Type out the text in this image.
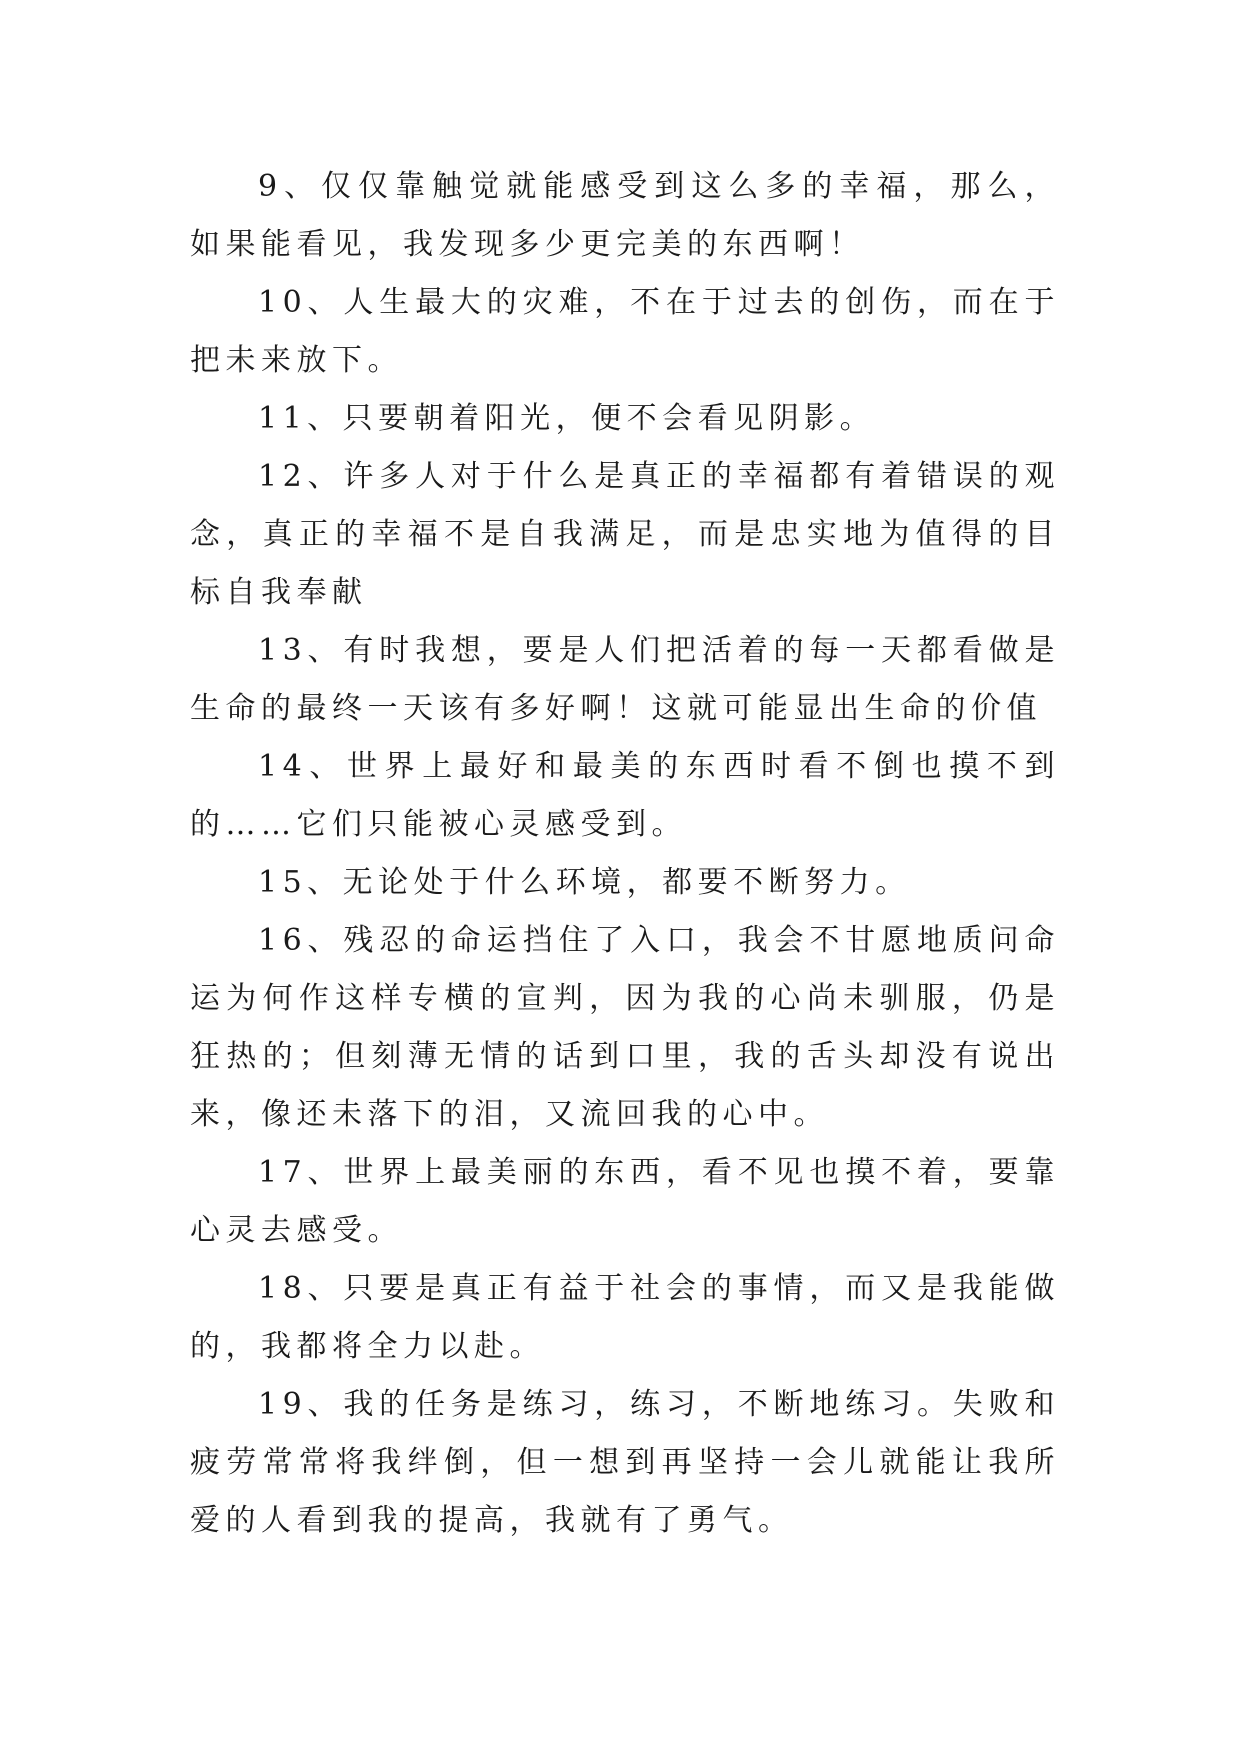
9、仅仅靠触觉就能感受到这么多的幸福，那么，如果能看见，我发现多少更完美的东西啊！

10、人生最大的灾难，不在于过去的创伤，而在于把未来放下。

11、只要朝着阳光，便不会看见阴影。

12、许多人对于什么是真正的幸福都有着错误的观念，真正的幸福不是自我满足，而是忠实地为值得的目标自我奉献

13、有时我想，要是人们把活着的每一天都看做是生命的最终一天该有多好啊！这就可能显出生命的价值

14、世界上最好和最美的东西时看不倒也摸不到的……它们只能被心灵感受到。

15、无论处于什么环境，都要不断努力。

16、残忍的命运挡住了入口，我会不甘愿地质问命运为何作这样专横的宣判，因为我的心尚未驯服，仍是狂热的；但刻薄无情的话到口里，我的舌头却没有说出来，像还未落下的泪，又流回我的心中。

17、世界上最美丽的东西，看不见也摸不着，要靠心灵去感受。

18、只要是真正有益于社会的事情，而又是我能做的，我都将全力以赴。

19、我的任务是练习，练习，不断地练习。失败和疲劳常常将我绊倒，但一想到再坚持一会儿就能让我所爱的人看到我的提高，我就有了勇气。
